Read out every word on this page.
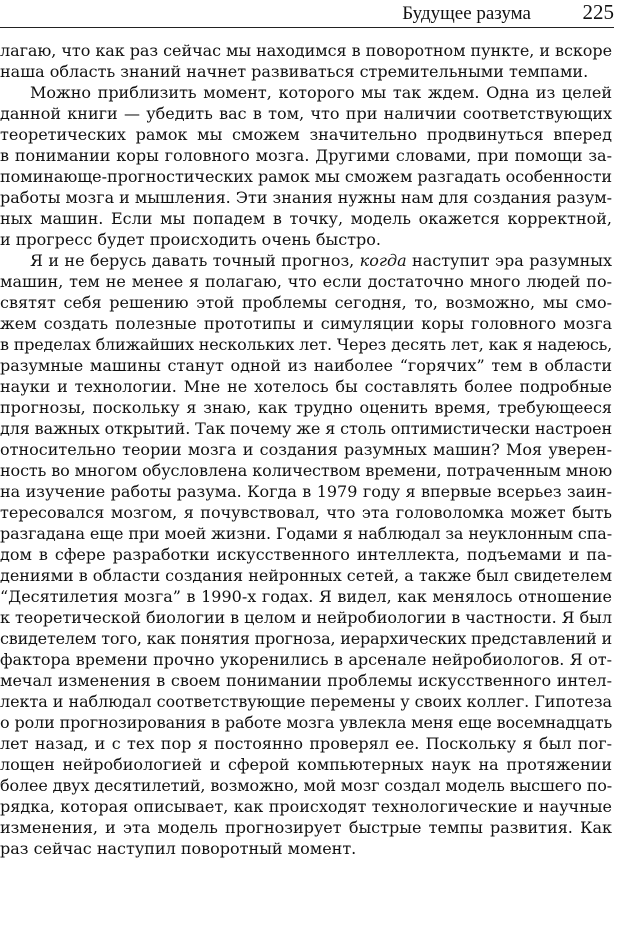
Будущее разума 225
лагаю, что как раз сейчас мы находимся в поворотном пункте, и вскоре
наша область знаний начнет развиваться стремительными темпами.
Можно приблизить момент, которого мы так ждем. Одна из целей
данной книги — убедить вас в том, что при наличии соответствующих
теоретических рамок мы сможем значительно продвинуться вперед
в понимании коры головного мозга. Другими словами, при помощи за-
поминающе-прогностических рамок мы сможем разгадать особенности
работы мозга и мышления. Эти знания нужны нам для создания разум-
ных машин. Если мы попадем в точку, модель окажется корректной,
и прогресс будет происходить очень быстро.
Я и не берусь давать точный прогноз, когда наступит эра разумных
машин, тем не менее я полагаю, что если достаточно много людей по-
святят себя решению этой проблемы сегодня, то, возможно, мы смо-
жем создать полезные прототипы и симуляции коры головного мозга
в пределах ближайших нескольких лет. Через десять лет, как я надеюсь,
разумные машины станут одной из наиболее “горячих” тем в области
науки и технологии. Мне не хотелось бы составлять более подробные
прогнозы, поскольку я знаю, как трудно оценить время, требующееся
для важных открытий. Так почему же я столь оптимистически настроен
относительно теории мозга и создания разумных машин? Моя уверен-
ность во многом обусловлена количеством времени, потраченным мною
на изучение работы разума. Когда в 1979 году я впервые всерьез заин-
тересовался мозгом, я почувствовал, что эта головоломка может быть
разгадана еще при моей жизни. Годами я наблюдал за неуклонным спа-
дом в сфере разработки искусственного интеллекта, подъемами и па-
дениями в области создания нейронных сетей, а также был свидетелем
“Десятилетия мозга” в 1990-х годах. Я видел, как менялось отношение
к теоретической биологии в целом и нейробиологии в частности. Я был
свидетелем того, как понятия прогноза, иерархических представлений и
фактора времени прочно укоренились в арсенале нейробиологов. Я от-
мечал изменения в своем понимании проблемы искусственного интел-
лекта и наблюдал соответствующие перемены у своих коллег. Гипотеза
о роли прогнозирования в работе мозга увлекла меня еще восемнадцать
лет назад, и с тех пор я постоянно проверял ее. Поскольку я был пог-
лощен нейробиологией и сферой компьютерных наук на протяжении
более двух десятилетий, возможно, мой мозг создал модель высшего по-
рядка, которая описывает, как происходят технологические и научные
изменения, и эта модель прогнозирует быстрые темпы развития. Как
раз сейчас наступил поворотный момент.
